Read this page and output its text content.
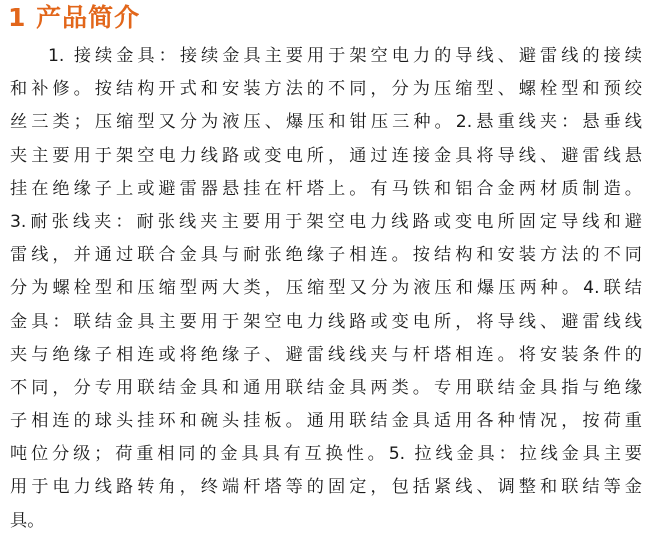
1 产品简介
1. 接续金具：接续金具主要用于架空电力的导线、避雷线的接续
和补修。按结构开式和安装方法的不同，分为压缩型、螺栓型和预绞
丝三类；压缩型又分为液压、爆压和钳压三种。2.悬重线夹：悬垂线
夹主要用于架空电力线路或变电所，通过连接金具将导线、避雷线悬
挂在绝缘子上或避雷器悬挂在杆塔上。有马铁和铝合金两材质制造。
3.耐张线夹：耐张线夹主要用于架空电力线路或变电所固定导线和避
雷线，并通过联合金具与耐张绝缘子相连。按结构和安装方法的不同
分为螺栓型和压缩型两大类，压缩型又分为液压和爆压两种。4.联结
金具：联结金具主要用于架空电力线路或变电所，将导线、避雷线线
夹与绝缘子相连或将绝缘子、避雷线线夹与杆塔相连。将安装条件的
不同，分专用联结金具和通用联结金具两类。专用联结金具指与绝缘
子相连的球头挂环和碗头挂板。通用联结金具适用各种情况，按荷重
吨位分级；荷重相同的金具具有互换性。5. 拉线金具：拉线金具主要
用于电力线路转角，终端杆塔等的固定，包括紧线、调整和联结等金
具。
